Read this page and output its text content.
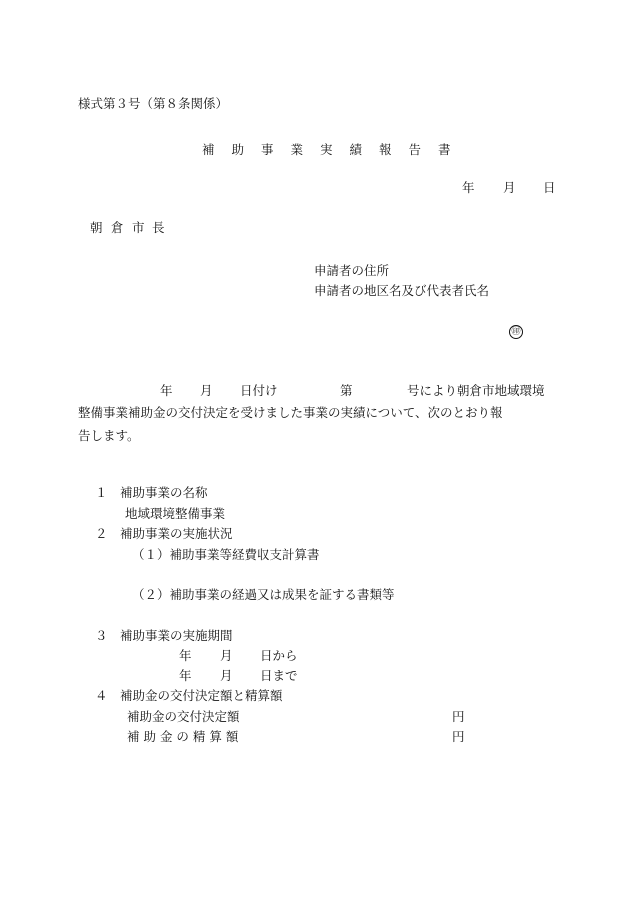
様式第３号（第８条関係）
補 助 事 業 実 績 報 告 書
年 月 日
朝 倉 市 長
申請者の住所
申請者の地区名及び代表者氏名
㊞
年 月 日付け	第	号により朝倉市地域環境
整備事業補助金の交付決定を受けました事業の実績について、次のとおり報
告します。
１　補助事業の名称
地域環境整備事業
２　補助事業の実施状況
（１）補助事業等経費収支計算書
（２）補助事業の経過又は成果を証する書類等
３　補助事業の実施期間
年 月 日から
年 月 日まで
４　補助金の交付決定額と精算額
補助金の交付決定額	円
補 助 金 の 精 算 額	円
